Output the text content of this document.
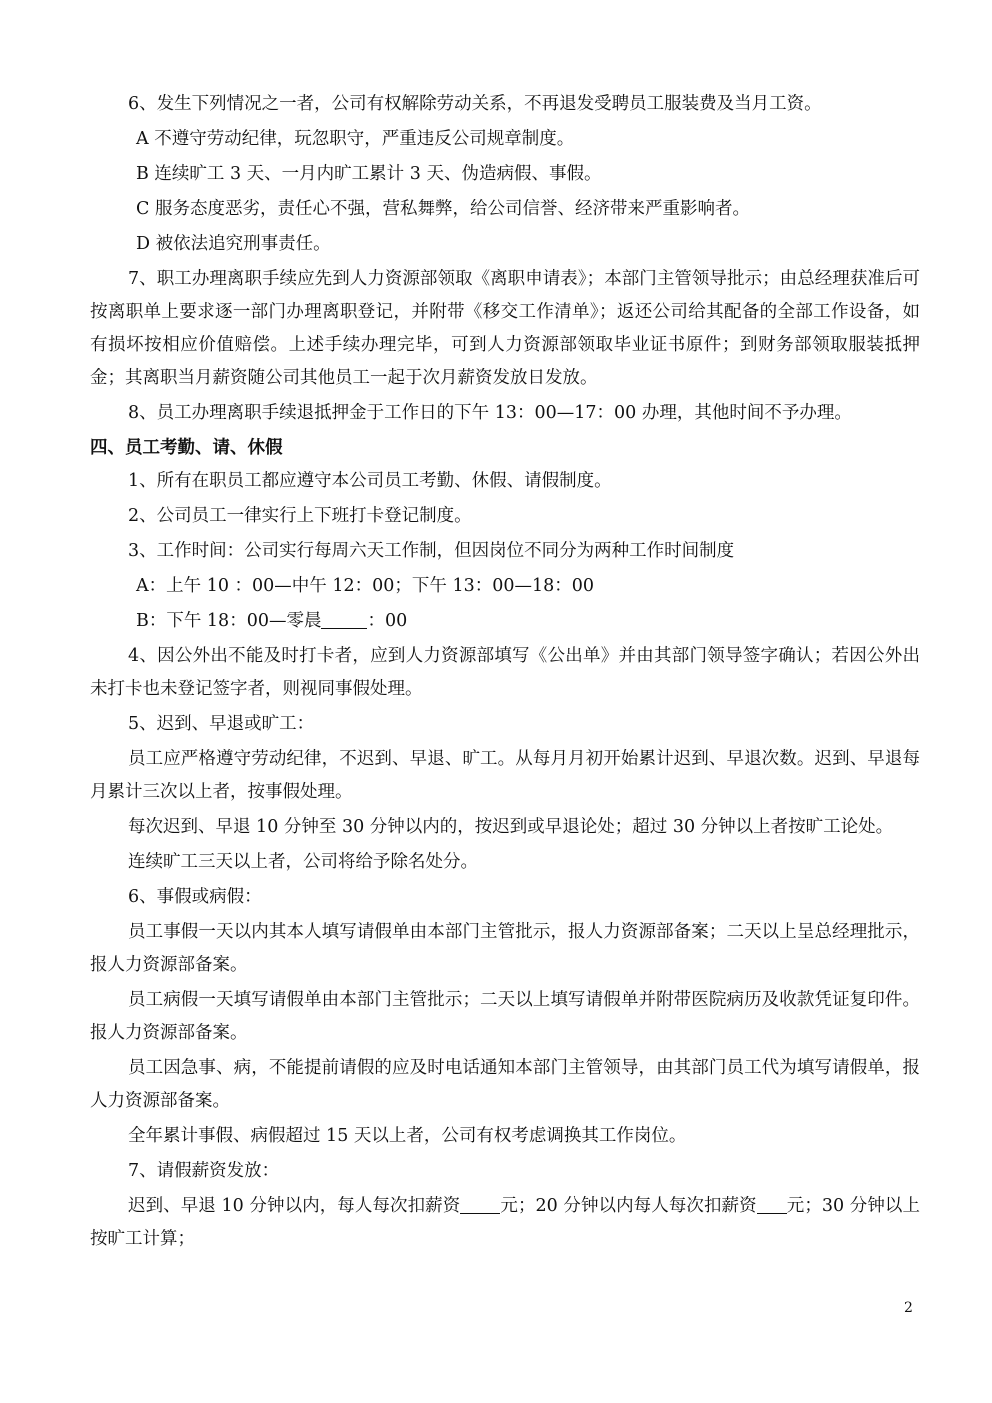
6、发生下列情况之一者，公司有权解除劳动关系，不再退发受聘员工服装费及当月工资。

A 不遵守劳动纪律，玩忽职守，严重违反公司规章制度。

B 连续旷工 3 天、一月内旷工累计 3 天、伪造病假、事假。

C 服务态度恶劣，责任心不强，营私舞弊，给公司信誉、经济带来严重影响者。

D 被依法追究刑事责任。

7、职工办理离职手续应先到人力资源部领取《离职申请表》；本部门主管领导批示；由总经理获准后可按离职单上要求逐一部门办理离职登记，并附带《移交工作清单》；返还公司给其配备的全部工作设备，如有损坏按相应价值赔偿。上述手续办理完毕，可到人力资源部领取毕业证书原件；到财务部领取服装抵押金；其离职当月薪资随公司其他员工一起于次月薪资发放日发放。

8、员工办理离职手续退抵押金于工作日的下午 13：00—17：00 办理，其他时间不予办理。

四、员工考勤、请、休假

1、所有在职员工都应遵守本公司员工考勤、休假、请假制度。

2、公司员工一律实行上下班打卡登记制度。

3、工作时间：公司实行每周六天工作制，但因岗位不同分为两种工作时间制度

A：上午 10 ：00—中午 12：00；下午 13：00—18：00

B：下午 18：00—零晨	：00

4、因公外出不能及时打卡者，应到人力资源部填写《公出单》并由其部门领导签字确认；若因公外出未打卡也未登记签字者，则视同事假处理。

5、迟到、早退或旷工：

员工应严格遵守劳动纪律，不迟到、早退、旷工。从每月月初开始累计迟到、早退次数。迟到、早退每月累计三次以上者，按事假处理。

每次迟到、早退 10 分钟至 30 分钟以内的，按迟到或早退论处；超过 30 分钟以上者按旷工论处。

连续旷工三天以上者，公司将给予除名处分。

6、事假或病假：

员工事假一天以内其本人填写请假单由本部门主管批示，报人力资源部备案；二天以上呈总经理批示，报人力资源部备案。

员工病假一天填写请假单由本部门主管批示；二天以上填写请假单并附带医院病历及收款凭证复印件。报人力资源部备案。

员工因急事、病，不能提前请假的应及时电话通知本部门主管领导，由其部门员工代为填写请假单，报人力资源部备案。

全年累计事假、病假超过 15 天以上者，公司有权考虑调换其工作岗位。

7、请假薪资发放：

迟到、早退 10 分钟以内，每人每次扣薪资 元；20 分钟以内每人每次扣薪资 元；30 分钟以上按旷工计算；

2
